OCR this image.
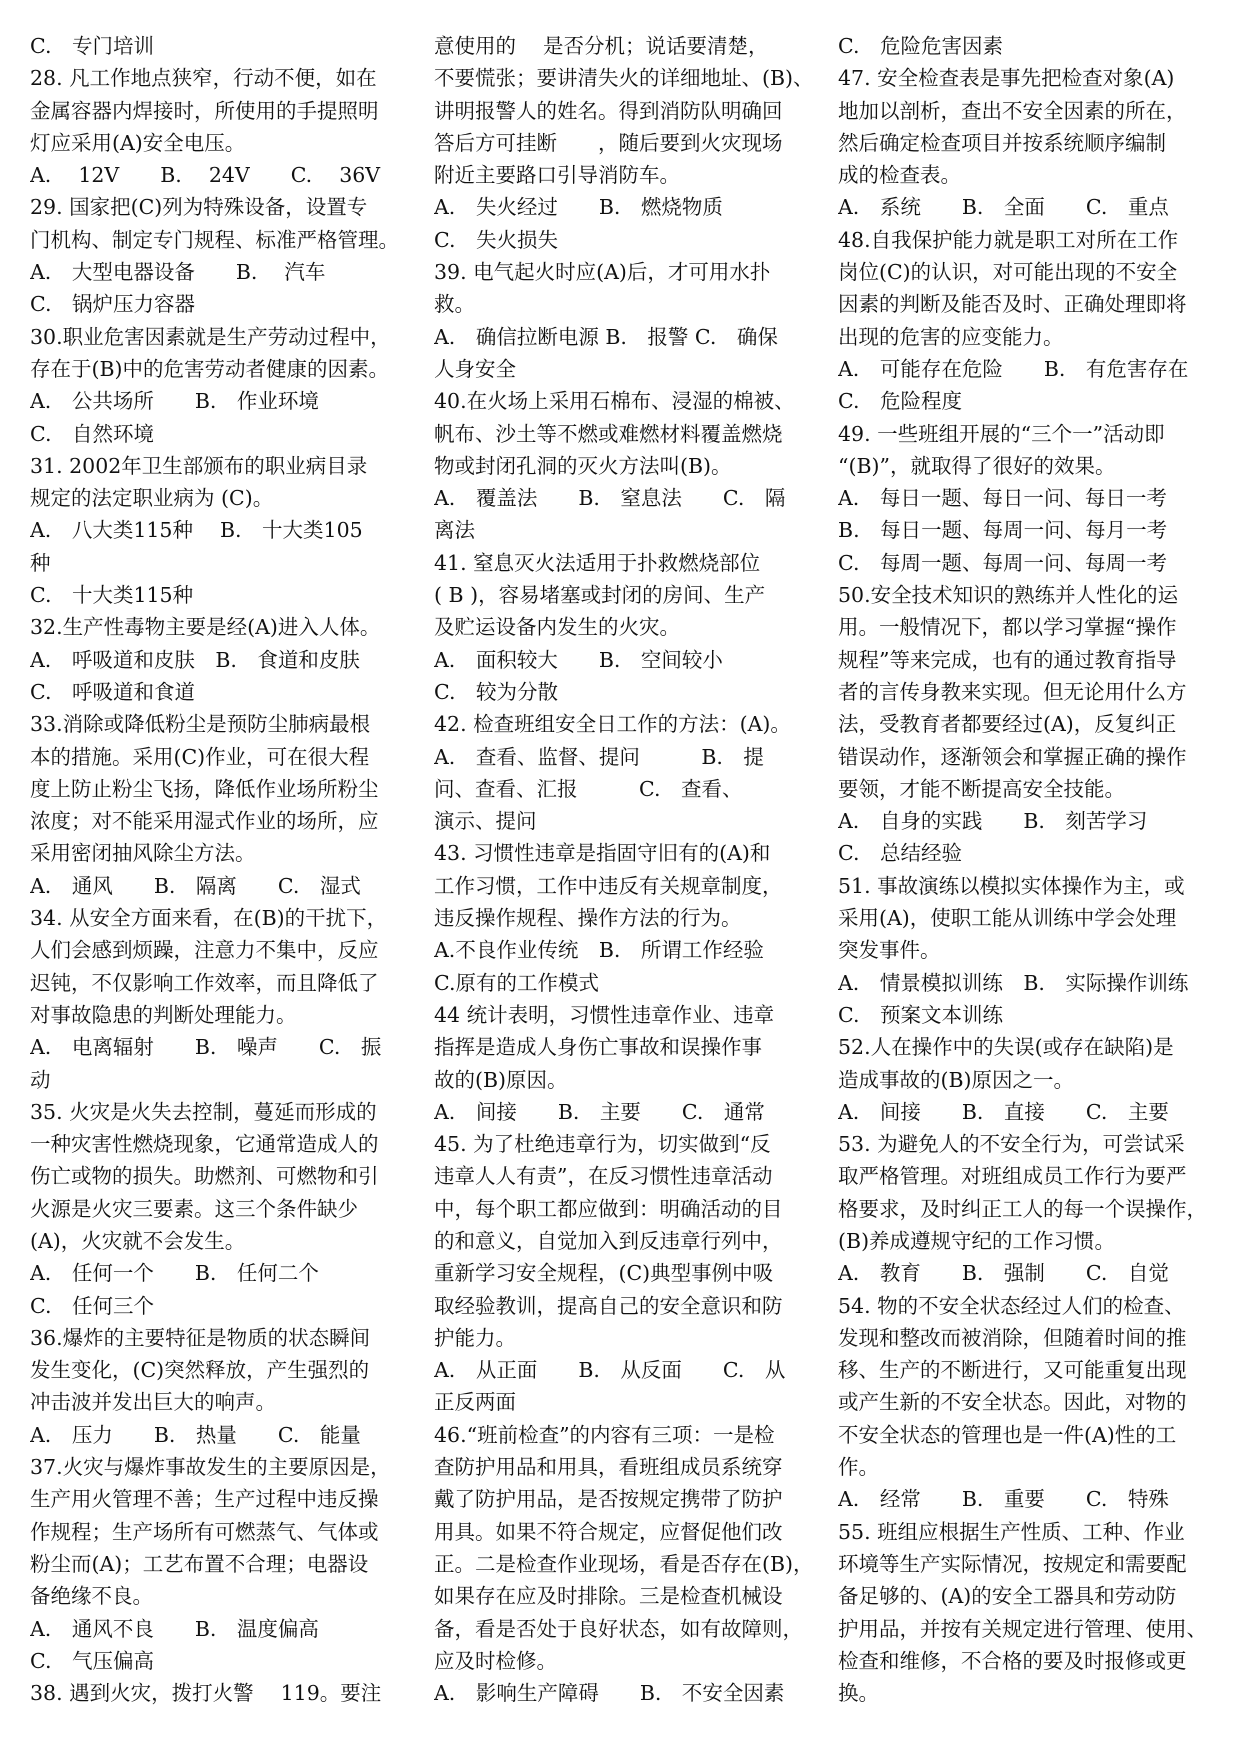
C.　专门培训
28. 凡工作地点狭窄，行动不便，如在
金属容器内焊接时，所使用的手提照明
灯应采用(A)安全电压。
A.　 12V　　B.　 24V　　C.　 36V
29. 国家把(C)列为特殊设备，设置专
门机构、制定专门规程、标准严格管理。
A.　大型电器设备　　B.　 汽车
C.　锅炉压力容器
30.职业危害因素就是生产劳动过程中，
存在于(B)中的危害劳动者健康的因素。
A.　公共场所　　B.　作业环境
C.　自然环境
31. 2002年卫生部颁布的职业病目录
规定的法定职业病为 (C)。
A.　八大类115种　 B.　十大类105
种
C.　十大类115种
32.生产性毒物主要是经(A)进入人体。
A.　呼吸道和皮肤　B.　食道和皮肤
C.　呼吸道和食道
33.消除或降低粉尘是预防尘肺病最根
本的措施。采用(C)作业，可在很大程
度上防止粉尘飞扬，降低作业场所粉尘
浓度；对不能采用湿式作业的场所，应
采用密闭抽风除尘方法。
A.　通风　　B.　隔离　　C.　湿式
34. 从安全方面来看，在(B)的干扰下，
人们会感到烦躁，注意力不集中，反应
迟钝，不仅影响工作效率，而且降低了
对事故隐患的判断处理能力。
A.　电离辐射　　B.　噪声　　C.　振
动
35. 火灾是火失去控制，蔓延而形成的
一种灾害性燃烧现象，它通常造成人的
伤亡或物的损失。助燃剂、可燃物和引
火源是火灾三要素。这三个条件缺少
(A)，火灾就不会发生。
A.　任何一个　　B.　任何二个
C.　任何三个
36.爆炸的主要特征是物质的状态瞬间
发生变化，(C)突然释放，产生强烈的
冲击波并发出巨大的响声。
A.　压力　　B.　热量　　C.　能量
37.火灾与爆炸事故发生的主要原因是，
生产用火管理不善；生产过程中违反操
作规程；生产场所有可燃蒸气、气体或
粉尘而(A)；工艺布置不合理；电器设
备绝缘不良。
A.　通风不良　　B.　温度偏高
C.　气压偏高
38. 遇到火灾，拨打火警　 119。要注
意使用的　 是否分机；说话要清楚，
不要慌张；要讲清失火的详细地址、(B)、
讲明报警人的姓名。得到消防队明确回
答后方可挂断　　，随后要到火灾现场
附近主要路口引导消防车。
A.　失火经过　　B.　燃烧物质
C.　失火损失
39. 电气起火时应(A)后，才可用水扑
救。
A.　确信拉断电源 B.　报警 C.　确保
人身安全
40.在火场上采用石棉布、浸湿的棉被、
帆布、沙土等不燃或难燃材料覆盖燃烧
物或封闭孔洞的灭火方法叫(B)。
A.　覆盖法　　B.　窒息法　　C.　隔
离法
41. 窒息灭火法适用于扑救燃烧部位
( B )，容易堵塞或封闭的房间、生产
及贮运设备内发生的火灾。
A.　面积较大　　B.　空间较小
C.　较为分散
42. 检查班组安全日工作的方法：(A)。
A.　查看、监督、提问　　　B.　提
问、查看、汇报　　　C.　查看、
演示、提问
43. 习惯性违章是指固守旧有的(A)和
工作习惯，工作中违反有关规章制度，
违反操作规程、操作方法的行为。
A.不良作业传统　B.　所谓工作经验
C.原有的工作模式
44 统计表明，习惯性违章作业、违章
指挥是造成人身伤亡事故和误操作事
故的(B)原因。
A.　间接　　B.　主要　　C.　通常
45. 为了杜绝违章行为，切实做到“反
违章人人有责”，在反习惯性违章活动
中，每个职工都应做到：明确活动的目
的和意义，自觉加入到反违章行列中，
重新学习安全规程，(C)典型事例中吸
取经验教训，提高自己的安全意识和防
护能力。
A.　从正面　　B.　从反面　　C.　从
正反两面
46.“班前检查”的内容有三项：一是检
查防护用品和用具，看班组成员系统穿
戴了防护用品，是否按规定携带了防护
用具。如果不符合规定，应督促他们改
正。二是检查作业现场，看是否存在(B)，
如果存在应及时排除。三是检查机械设
备，看是否处于良好状态，如有故障则，
应及时检修。
A.　影响生产障碍　　B.　不安全因素
C.　危险危害因素
47. 安全检查表是事先把检查对象(A)
地加以剖析，查出不安全因素的所在，
然后确定检查项目并按系统顺序编制
成的检查表。
A.　系统　　B.　全面　　C.　重点
48.自我保护能力就是职工对所在工作
岗位(C)的认识，对可能出现的不安全
因素的判断及能否及时、正确处理即将
出现的危害的应变能力。
A.　可能存在危险　　B.　有危害存在
C.　危险程度
49. 一些班组开展的“三个一”活动即
“(B)”，就取得了很好的效果。
A.　每日一题、每日一问、每日一考
B.　每日一题、每周一问、每月一考
C.　每周一题、每周一问、每周一考
50.安全技术知识的熟练并人性化的运
用。一般情况下，都以学习掌握“操作
规程”等来完成，也有的通过教育指导
者的言传身教来实现。但无论用什么方
法，受教育者都要经过(A)，反复纠正
错误动作，逐渐领会和掌握正确的操作
要领，才能不断提高安全技能。
A.　自身的实践　　B.　刻苦学习
C.　总结经验
51. 事故演练以模拟实体操作为主，或
采用(A)，使职工能从训练中学会处理
突发事件。
A.　情景模拟训练　B.　实际操作训练
C.　预案文本训练
52.人在操作中的失误(或存在缺陷)是
造成事故的(B)原因之一。
A.　间接　　B.　直接　　C.　主要
53. 为避免人的不安全行为，可尝试采
取严格管理。对班组成员工作行为要严
格要求，及时纠正工人的每一个误操作，
(B)养成遵规守纪的工作习惯。
A.　教育　　B.　强制　　C.　自觉
54. 物的不安全状态经过人们的检查、
发现和整改而被消除，但随着时间的推
移、生产的不断进行，又可能重复出现
或产生新的不安全状态。因此，对物的
不安全状态的管理也是一件(A)性的工
作。
A.　经常　　B.　重要　　C.　特殊
55. 班组应根据生产性质、工种、作业
环境等生产实际情况，按规定和需要配
备足够的、(A)的安全工器具和劳动防
护用品，并按有关规定进行管理、使用、
检查和维修，不合格的要及时报修或更
换。
